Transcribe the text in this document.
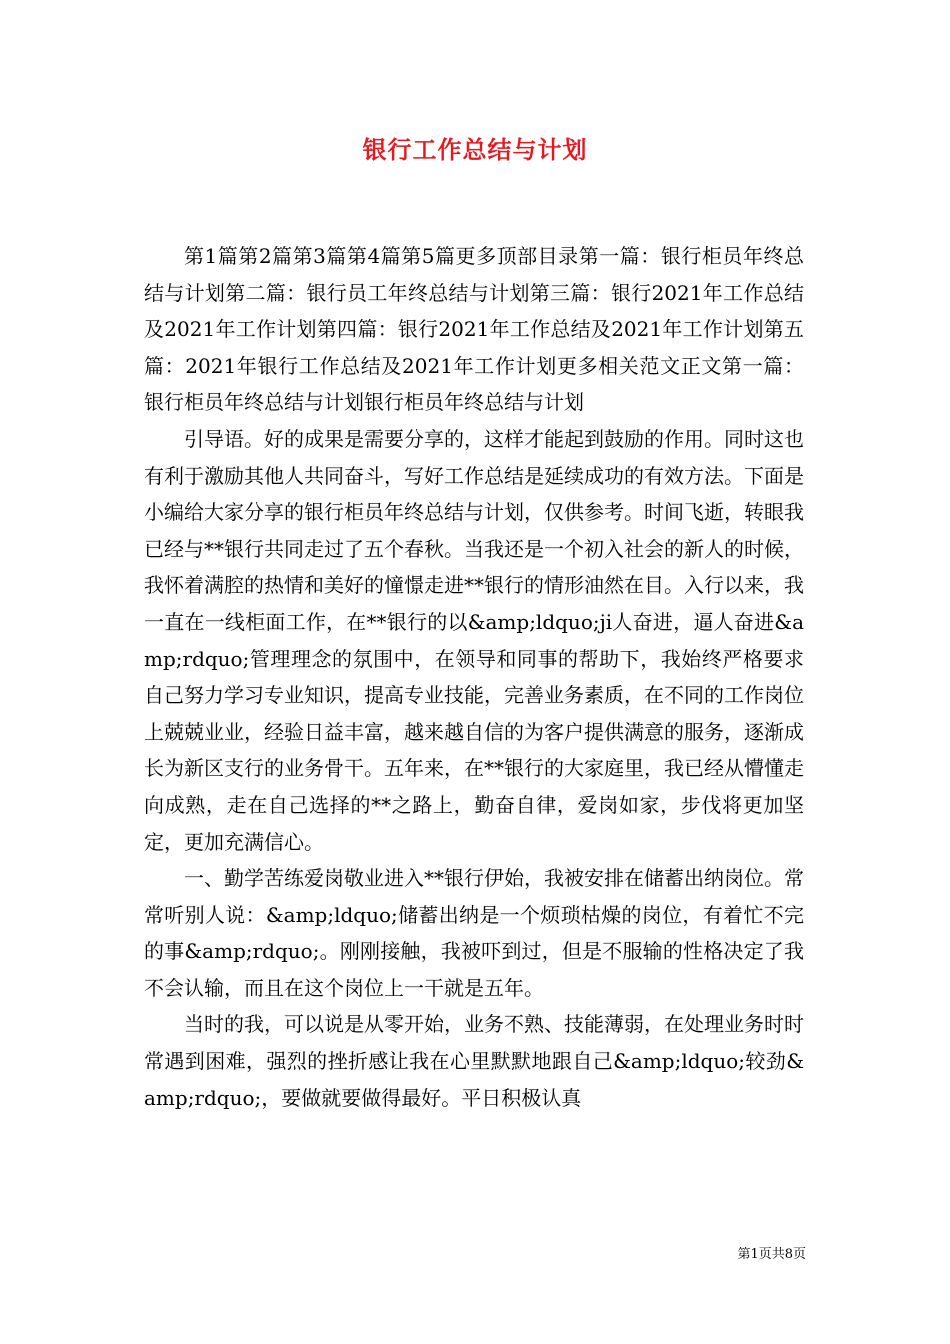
银行工作总结与计划

第1篇第2篇第3篇第4篇第5篇更多顶部目录第一篇：银行柜员年终总结与计划第二篇：银行员工年终总结与计划第三篇：银行2021年工作总结及2021年工作计划第四篇：银行2021年工作总结及2021年工作计划第五篇：2021年银行工作总结及2021年工作计划更多相关范文正文第一篇：银行柜员年终总结与计划银行柜员年终总结与计划

引导语。好的成果是需要分享的，这样才能起到鼓励的作用。同时这也有利于激励其他人共同奋斗，写好工作总结是延续成功的有效方法。下面是小编给大家分享的银行柜员年终总结与计划，仅供参考。时间飞逝，转眼我已经与**银行共同走过了五个春秋。当我还是一个初入社会的新人的时候，我怀着满腔的热情和美好的憧憬走进**银行的情形油然在目。入行以来，我一直在一线柜面工作，在**银行的以&amp;ldquo;ji人奋进，逼人奋进&amp;rdquo;管理理念的氛围中，在领导和同事的帮助下，我始终严格要求自己努力学习专业知识，提高专业技能，完善业务素质，在不同的工作岗位上兢兢业业，经验日益丰富，越来越自信的为客户提供满意的服务，逐渐成长为新区支行的业务骨干。五年来，在**银行的大家庭里，我已经从懵懂走向成熟，走在自己选择的**之路上，勤奋自律，爱岗如家，步伐将更加坚定，更加充满信心。

一、勤学苦练爱岗敬业进入**银行伊始，我被安排在储蓄出纳岗位。常常听别人说：&amp;ldquo;储蓄出纳是一个烦琐枯燥的岗位，有着忙不完的事&amp;rdquo;。刚刚接触，我被吓到过，但是不服输的性格决定了我不会认输，而且在这个岗位上一干就是五年。

当时的我，可以说是从零开始，业务不熟、技能薄弱，在处理业务时时常遇到困难，强烈的挫折感让我在心里默默地跟自己&amp;ldquo;较劲&amp;rdquo;，要做就要做得最好。平日积极认真

第1页共8页
